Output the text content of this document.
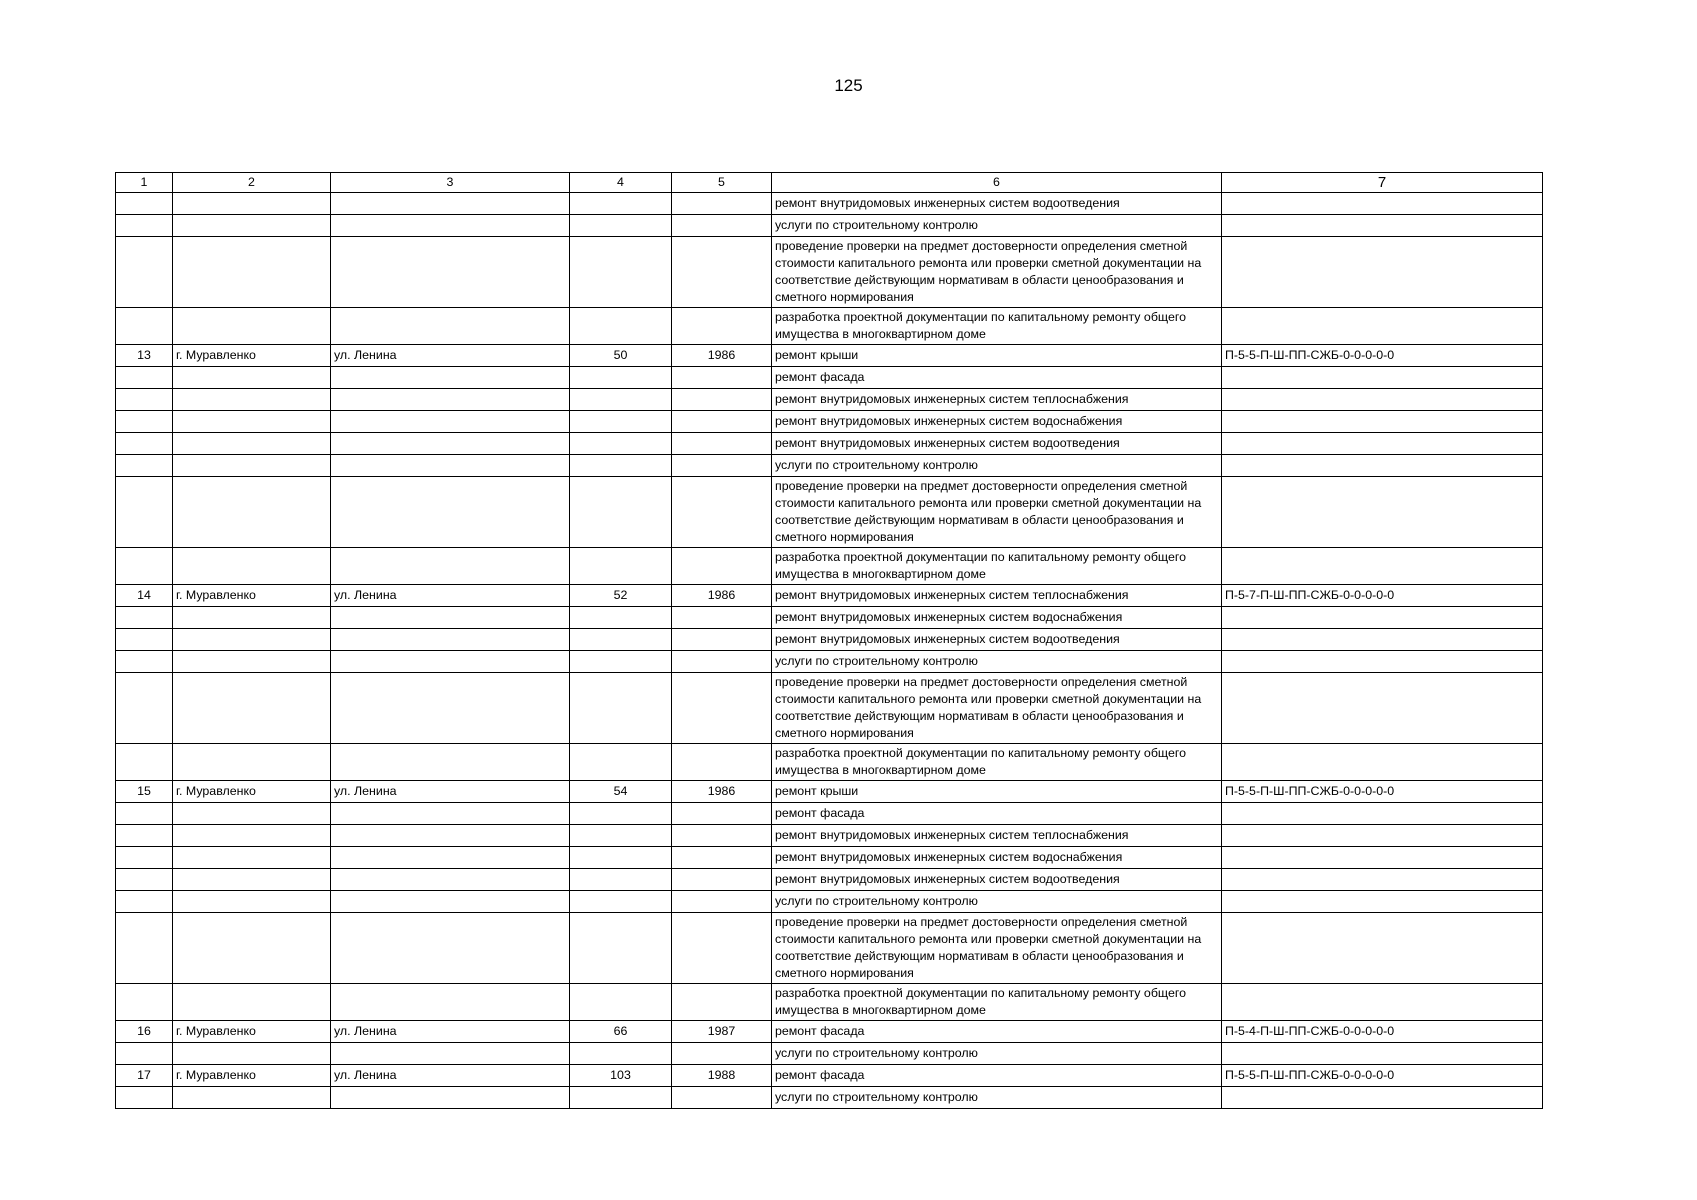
125
1	2	3	4	5	6	7
					ремонт внутридомовых инженерных систем водоотведения	
					услуги по строительному контролю	
					проведение проверки на предмет достоверности определения сметной стоимости капитального ремонта или проверки сметной документации на соответствие действующим нормативам в области ценообразования и сметного нормирования	
					разработка проектной документации по капитальному ремонту общего имущества в многоквартирном доме	
13	г. Муравленко	ул. Ленина	50	1986	ремонт крыши	П-5-5-П-Ш-ПП-СЖБ-0-0-0-0-0
					ремонт фасада	
					ремонт внутридомовых инженерных систем теплоснабжения	
					ремонт внутридомовых инженерных систем водоснабжения	
					ремонт внутридомовых инженерных систем водоотведения	
					услуги по строительному контролю	
					проведение проверки на предмет достоверности определения сметной стоимости капитального ремонта или проверки сметной документации на соответствие действующим нормативам в области ценообразования и сметного нормирования	
					разработка проектной документации по капитальному ремонту общего имущества в многоквартирном доме	
14	г. Муравленко	ул. Ленина	52	1986	ремонт внутридомовых инженерных систем теплоснабжения	П-5-7-П-Ш-ПП-СЖБ-0-0-0-0-0
					ремонт внутридомовых инженерных систем водоснабжения	
					ремонт внутридомовых инженерных систем водоотведения	
					услуги по строительному контролю	
					проведение проверки на предмет достоверности определения сметной стоимости капитального ремонта или проверки сметной документации на соответствие действующим нормативам в области ценообразования и сметного нормирования	
					разработка проектной документации по капитальному ремонту общего имущества в многоквартирном доме	
15	г. Муравленко	ул. Ленина	54	1986	ремонт крыши	П-5-5-П-Ш-ПП-СЖБ-0-0-0-0-0
					ремонт фасада	
					ремонт внутридомовых инженерных систем теплоснабжения	
					ремонт внутридомовых инженерных систем водоснабжения	
					ремонт внутридомовых инженерных систем водоотведения	
					услуги по строительному контролю	
					проведение проверки на предмет достоверности определения сметной стоимости капитального ремонта или проверки сметной документации на соответствие действующим нормативам в области ценообразования и сметного нормирования	
					разработка проектной документации по капитальному ремонту общего имущества в многоквартирном доме	
16	г. Муравленко	ул. Ленина	66	1987	ремонт фасада	П-5-4-П-Ш-ПП-СЖБ-0-0-0-0-0
					услуги по строительному контролю	
17	г. Муравленко	ул. Ленина	103	1988	ремонт фасада	П-5-5-П-Ш-ПП-СЖБ-0-0-0-0-0
					услуги по строительному контролю	
